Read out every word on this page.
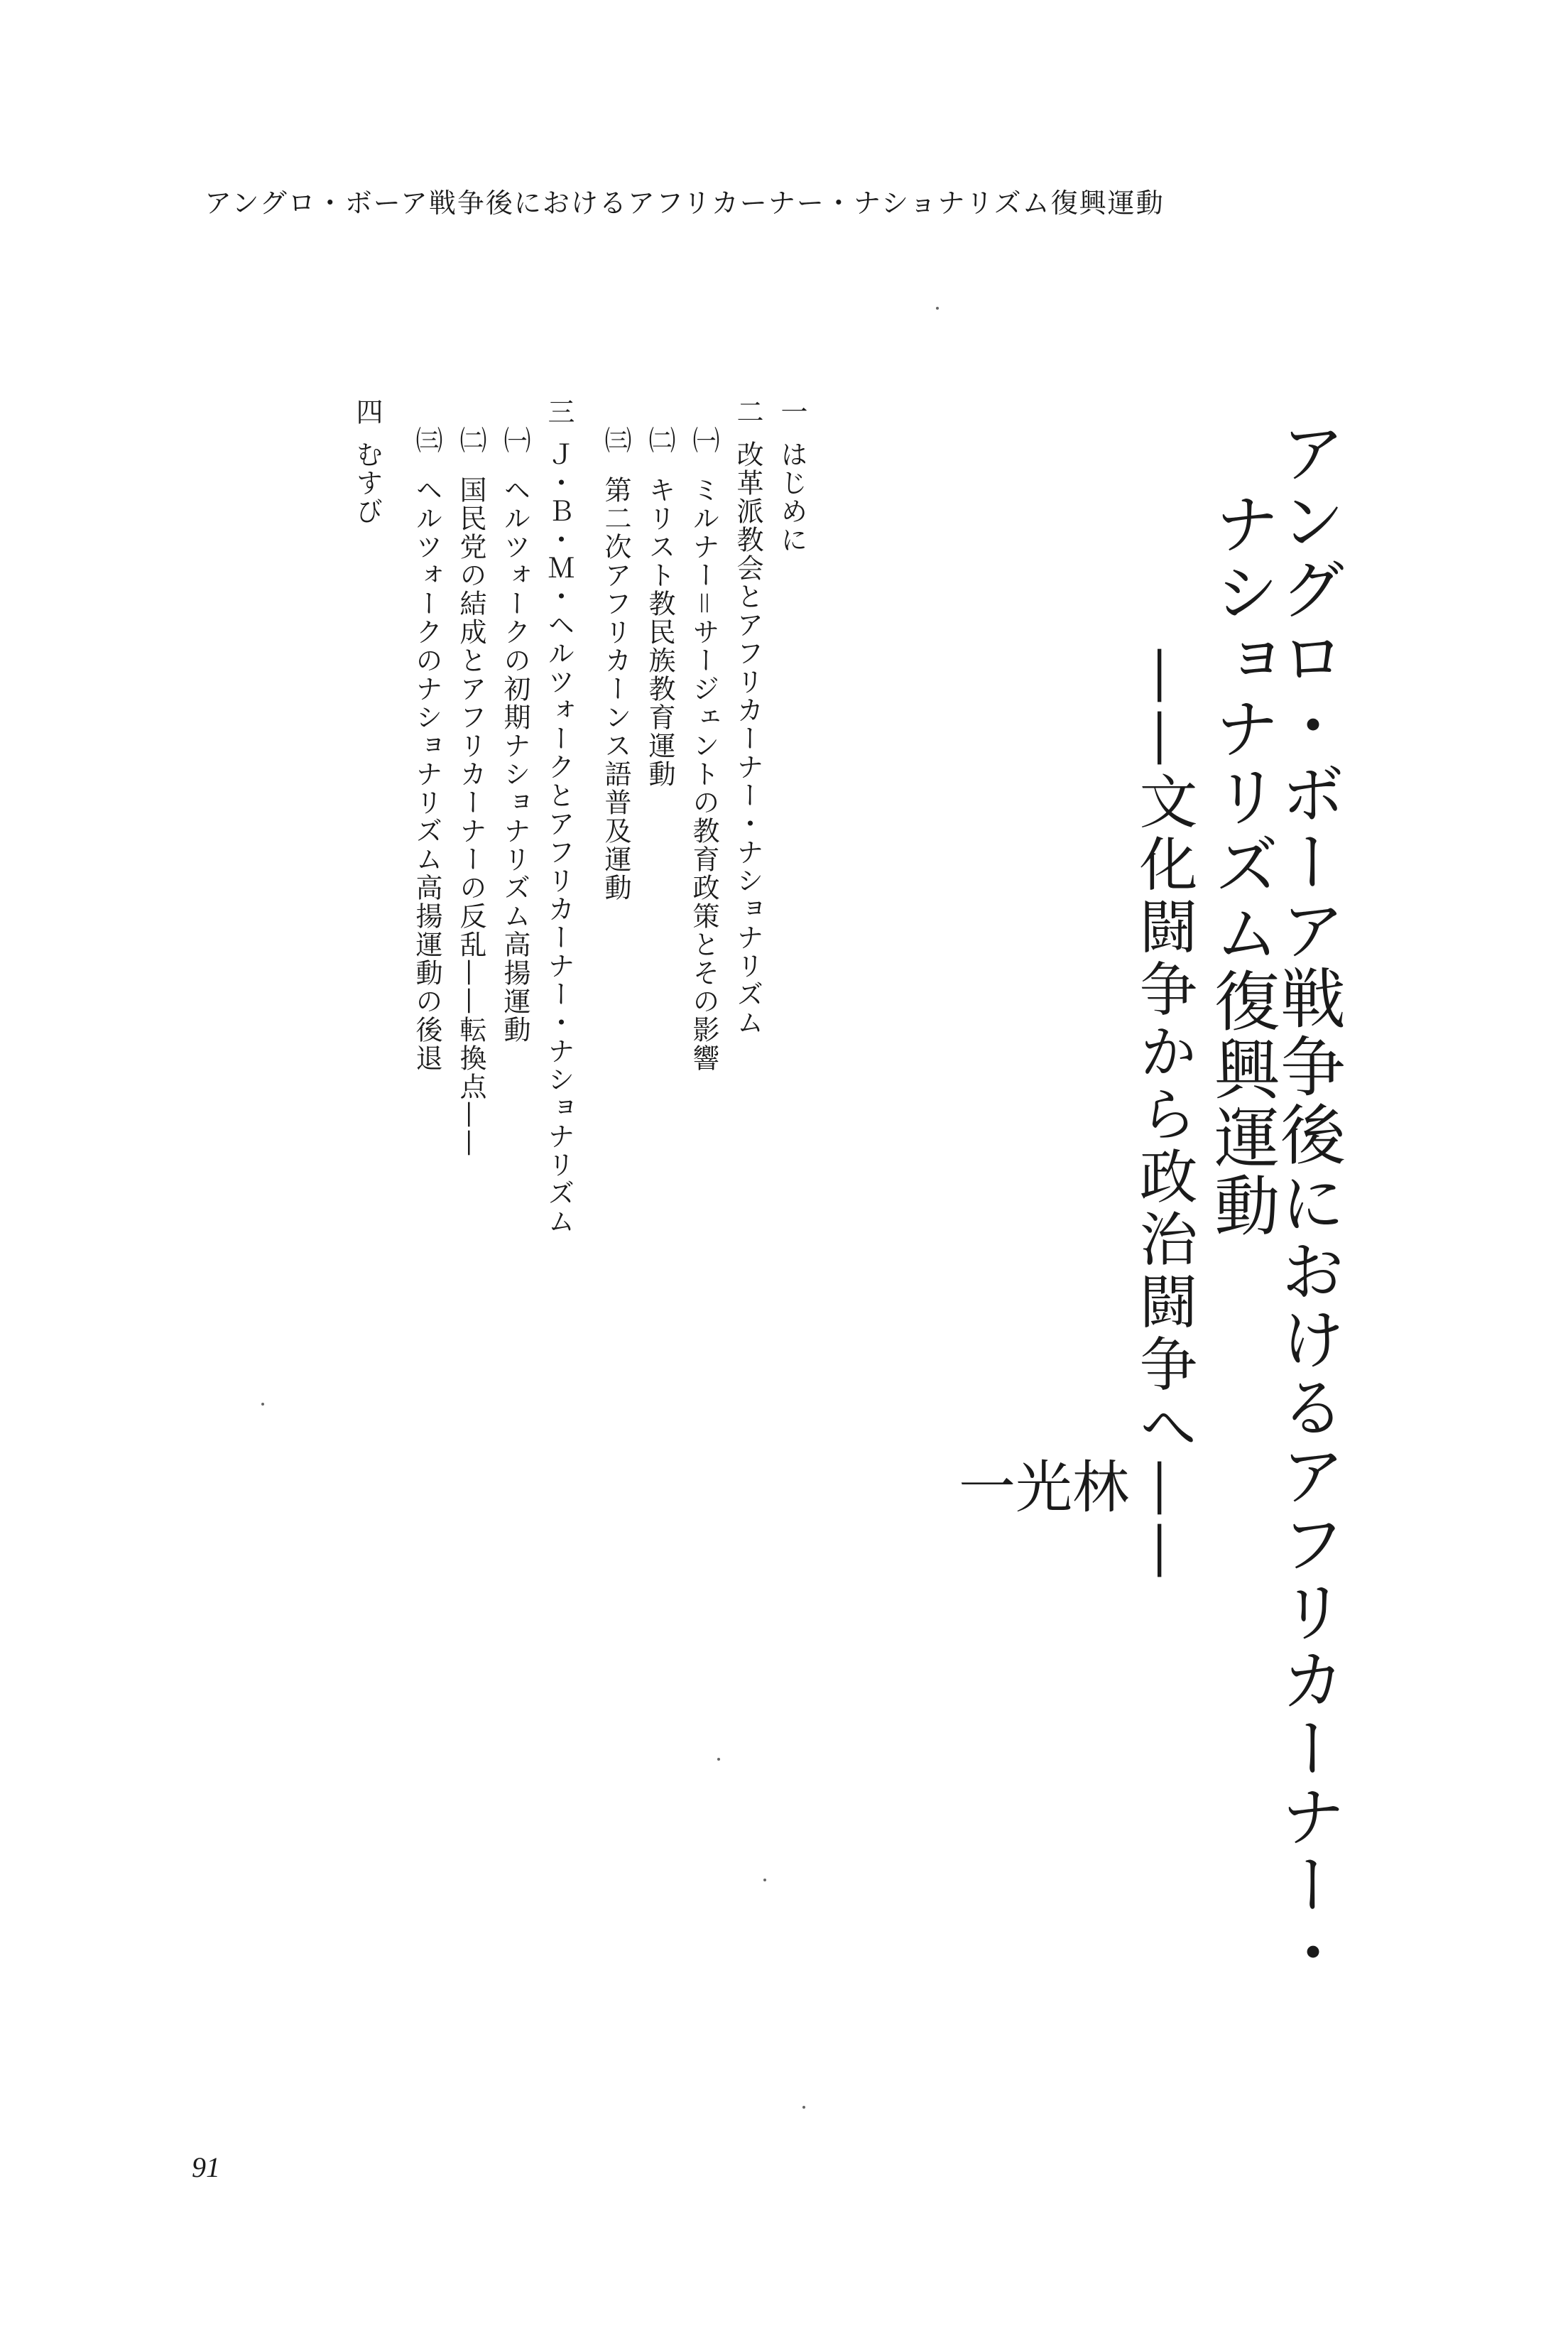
アングロ・ボーア戦争後におけるアフリカーナー・ナショナリズム復興運動
アングロ・ボーア戦争後におけるアフリカーナー・
ナショナリズム復興運動
——文化闘争から政治闘争へ——
林
光
一
一
はじめに
二
改革派教会とアフリカーナー・ナショナリズム
㈠
ミルナー＝サージェントの教育政策とその影響
㈡
キリスト教民族教育運動
㈢
第二次アフリカーンス語普及運動
三
Ｊ・Ｂ・Ｍ・ヘルツォークとアフリカーナー・ナショナリズム
㈠
ヘルツォークの初期ナショナリズム高揚運動
㈡
国民党の結成とアフリカーナーの反乱——転換点——
㈢
ヘルツォークのナショナリズム高揚運動の後退
四
むすび
91
